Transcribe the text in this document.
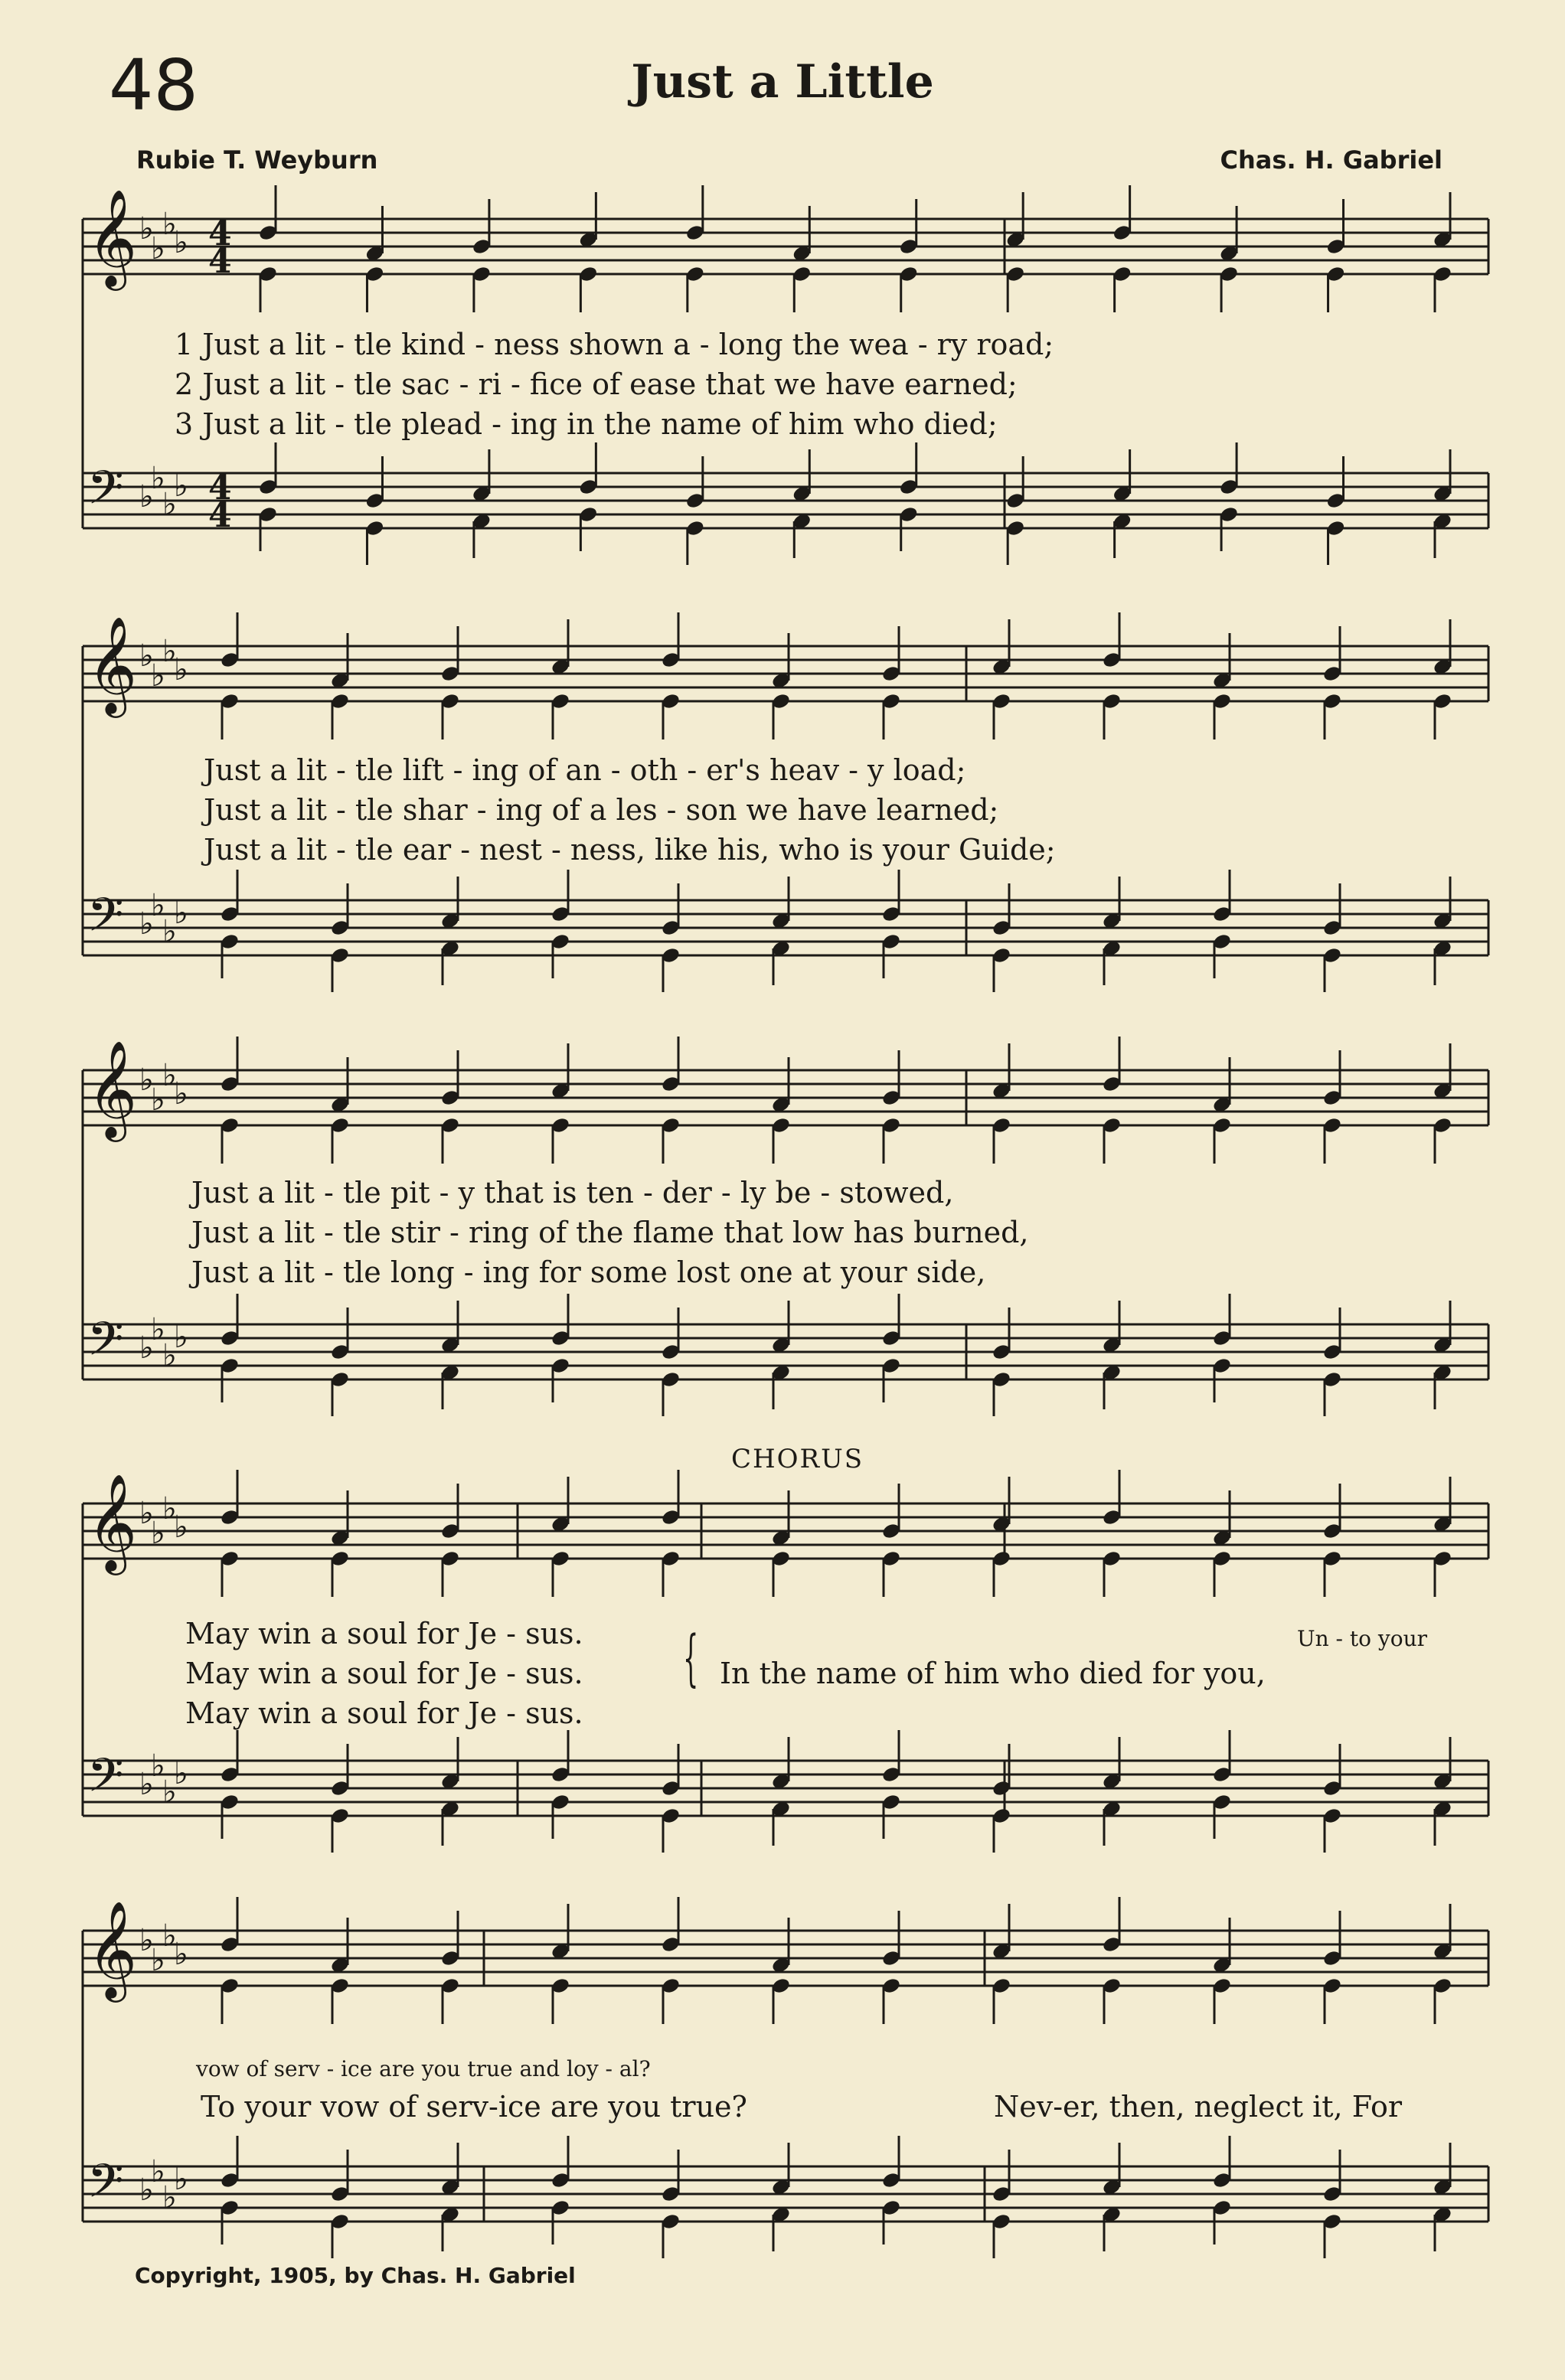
48	Just a Little
Rubie T. Weyburn	Chas. H. Gabriel
𝄞 ♭
♭
♭
♭
𝄢 ♭
♭
♭
♭
𝄞 ♭
♭
♭
♭
𝄢 ♭
♭
♭
♭
𝄞 ♭
♭
♭
♭
𝄢 ♭
♭
♭
♭
𝄞 ♭
♭
♭
♭
𝄢 ♭
♭
♭
♭
𝄞 ♭
♭
♭
♭
𝄢 ♭
♭
♭
♭
4
4
4
4
1 Just a lit - tle kind - ness shown a - long the wea - ry road;
2 Just a lit - tle sac - ri - fice of ease that we have earned;
3 Just a lit - tle plead - ing in the name of him who died;
Just a lit - tle lift - ing of an - oth - er's heav - y load;
Just a lit - tle shar - ing of a les - son we have learned;
Just a lit - tle ear - nest - ness, like his, who is your Guide;
Just a lit - tle pit - y that is ten - der - ly be - stowed,
Just a lit - tle stir - ring of the flame that low has burned,
Just a lit - tle long - ing for some lost one at your side,
CHORUS
May win a soul for Je - sus.
May win a soul for Je - sus.
May win a soul for Je - sus.
{ In the name of him who died for you,
Un - to your
vow of serv - ice are you true and loy - al?
To your vow of serv-ice are you true?	Nev-er, then, neglect it, For
Copyright, 1905, by Chas. H. Gabriel
